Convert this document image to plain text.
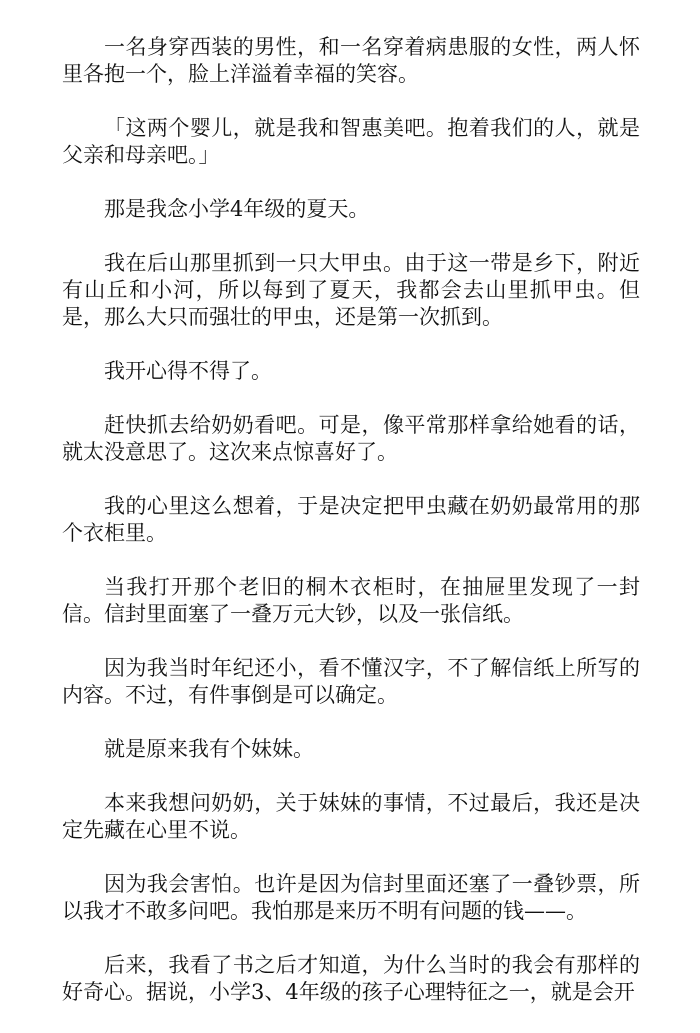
一名身穿西装的男性，和一名穿着病患服的女性，两人怀里各抱一个，脸上洋溢着幸福的笑容。

「这两个婴儿，就是我和智惠美吧。抱着我们的人，就是父亲和母亲吧。」

那是我念小学4年级的夏天。

我在后山那里抓到一只大甲虫。由于这一带是乡下，附近有山丘和小河，所以每到了夏天，我都会去山里抓甲虫。但是，那么大只而强壮的甲虫，还是第一次抓到。

我开心得不得了。

赶快抓去给奶奶看吧。可是，像平常那样拿给她看的话，就太没意思了。这次来点惊喜好了。

我的心里这么想着，于是决定把甲虫藏在奶奶最常用的那个衣柜里。

当我打开那个老旧的桐木衣柜时，在抽屉里发现了一封信。信封里面塞了一叠万元大钞，以及一张信纸。

因为我当时年纪还小，看不懂汉字，不了解信纸上所写的内容。不过，有件事倒是可以确定。

就是原来我有个妹妹。

本来我想问奶奶，关于妹妹的事情，不过最后，我还是决定先藏在心里不说。

因为我会害怕。也许是因为信封里面还塞了一叠钞票，所以我才不敢多问吧。我怕那是来历不明有问题的钱——。

后来，我看了书之后才知道，为什么当时的我会有那样的好奇心。据说，小学3、4年级的孩子心理特征之一，就是会开
